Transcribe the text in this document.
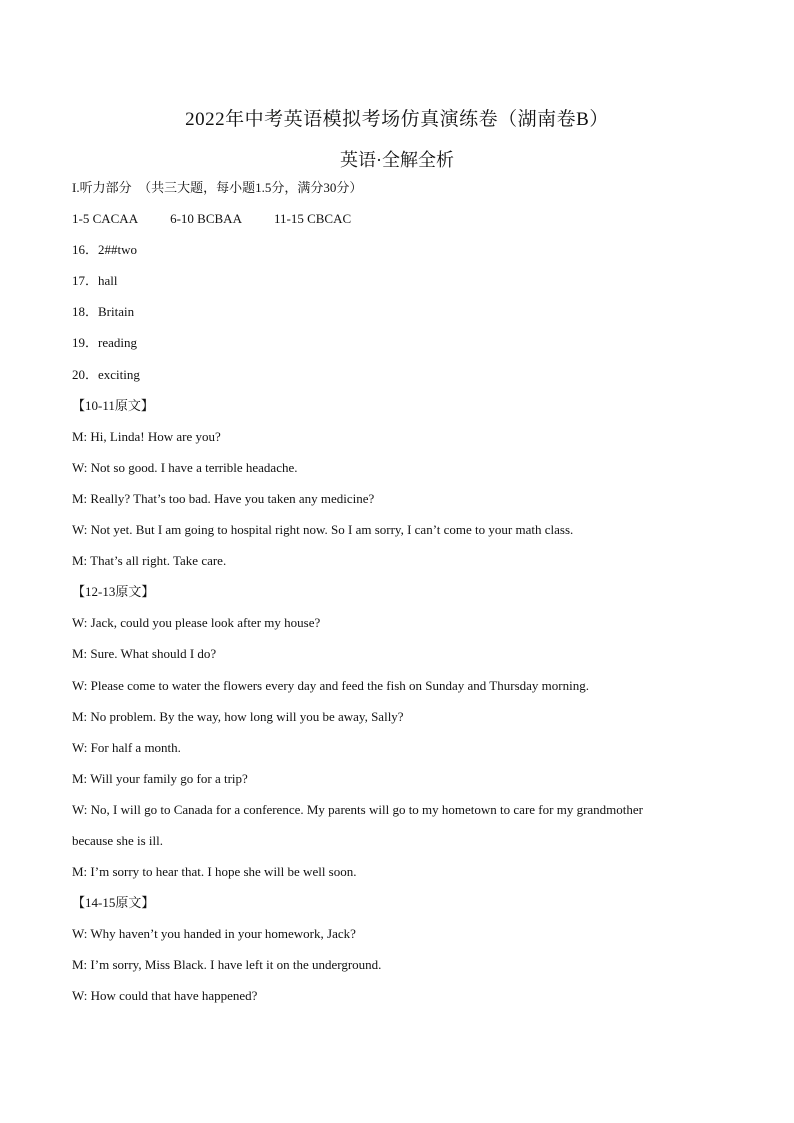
2022年中考英语模拟考场仿真演练卷（湖南卷B）
英语·全解全析
I.听力部分　（共三大题，每小题1.5分，满分30分）
1-5 CACAA 6-10 BCBAA 11-15 CBCAC
16．2##two
17．hall
18．Britain
19．reading
20．exciting
【10-11原文】
M: Hi, Linda! How are you?
W: Not so good. I have a terrible headache.
M: Really? That’s too bad. Have you taken any medicine?
W: Not yet. But I am going to hospital right now. So I am sorry, I can’t come to your math class.
M: That’s all right. Take care.
【12-13原文】
W: Jack, could you please look after my house?
M: Sure. What should I do?
W: Please come to water the flowers every day and feed the fish on Sunday and Thursday morning.
M: No problem. By the way, how long will you be away, Sally?
W: For half a month.
M: Will your family go for a trip?
W: No, I will go to Canada for a conference. My parents will go to my hometown to care for my grandmother
because she is ill.
M: I’m sorry to hear that. I hope she will be well soon.
【14-15原文】
W: Why haven’t you handed in your homework, Jack?
M: I’m sorry, Miss Black. I have left it on the underground.
W: How could that have happened?
